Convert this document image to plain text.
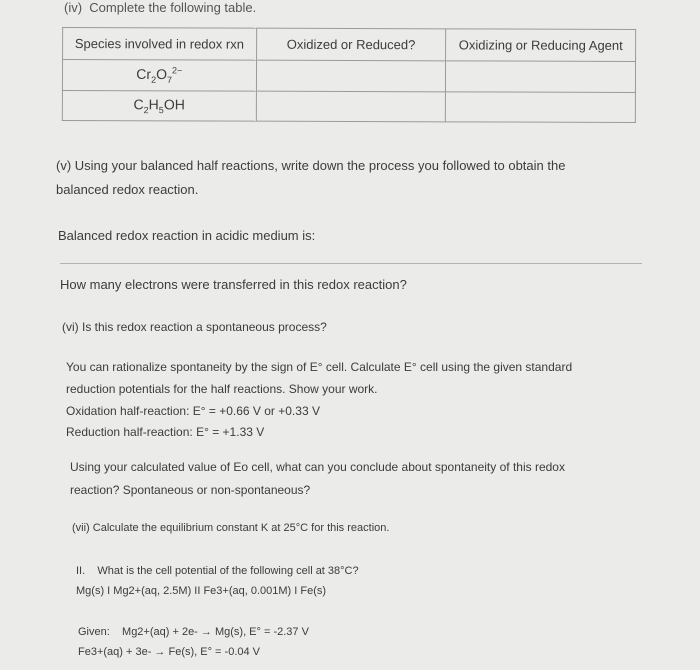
(iv) Complete the following table.
Species involved in redox rxn	Oxidized or Reduced?	Oxidizing or Reducing Agent
$Cr_2O_7^{2-}$		
$C_2H_5OH$		
(v) Using your balanced half reactions, write down the process you followed to obtain the
balanced redox reaction.
Balanced redox reaction in acidic medium is:
How many electrons were transferred in this redox reaction?
(vi) Is this redox reaction a spontaneous process?
You can rationalize spontaneity by the sign of E° cell. Calculate E° cell using the given standard
reduction potentials for the half reactions. Show your work.
Oxidation half-reaction: E° = +0.66 V or +0.33 V
Reduction half-reaction: E° = +1.33 V
Using your calculated value of Eo cell, what can you conclude about spontaneity of this redox
reaction? Spontaneous or non-spontaneous?
(vii) Calculate the equilibrium constant K at 25°C for this reaction.
II. What is the cell potential of the following cell at 38°C?
Mg(s) I Mg2+(aq, 2.5M) II Fe3+(aq, 0.001M) I Fe(s)
Given: Mg2+(aq) + 2e- → Mg(s), E° = -2.37 V
Fe3+(aq) + 3e- → Fe(s), E° = -0.04 V
